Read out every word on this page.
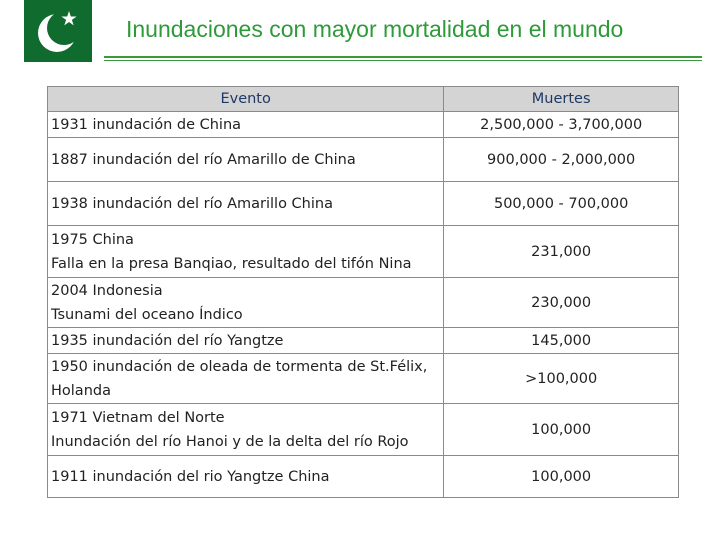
Inundaciones con mayor mortalidad en el mundo
Evento	Muertes

1931 inundación de China	2,500,000 - 3,700,000

1887 inundación del río Amarillo de China	900,000 - 2,000,000

1938 inundación del río Amarillo China	500,000 - 700,000

1975 China
Falla en la presa Banqiao, resultado del tifón Nina	231,000

2004 Indonesia
Tsunami del oceano Índico	230,000

1935 inundación del río Yangtze	145,000

1950 inundación de oleada de tormenta de St.Félix,
Holanda	>100,000

1971 Vietnam del Norte
Inundación del río Hanoi y de la delta del río Rojo	100,000

1911 inundación del rio Yangtze China	100,000
